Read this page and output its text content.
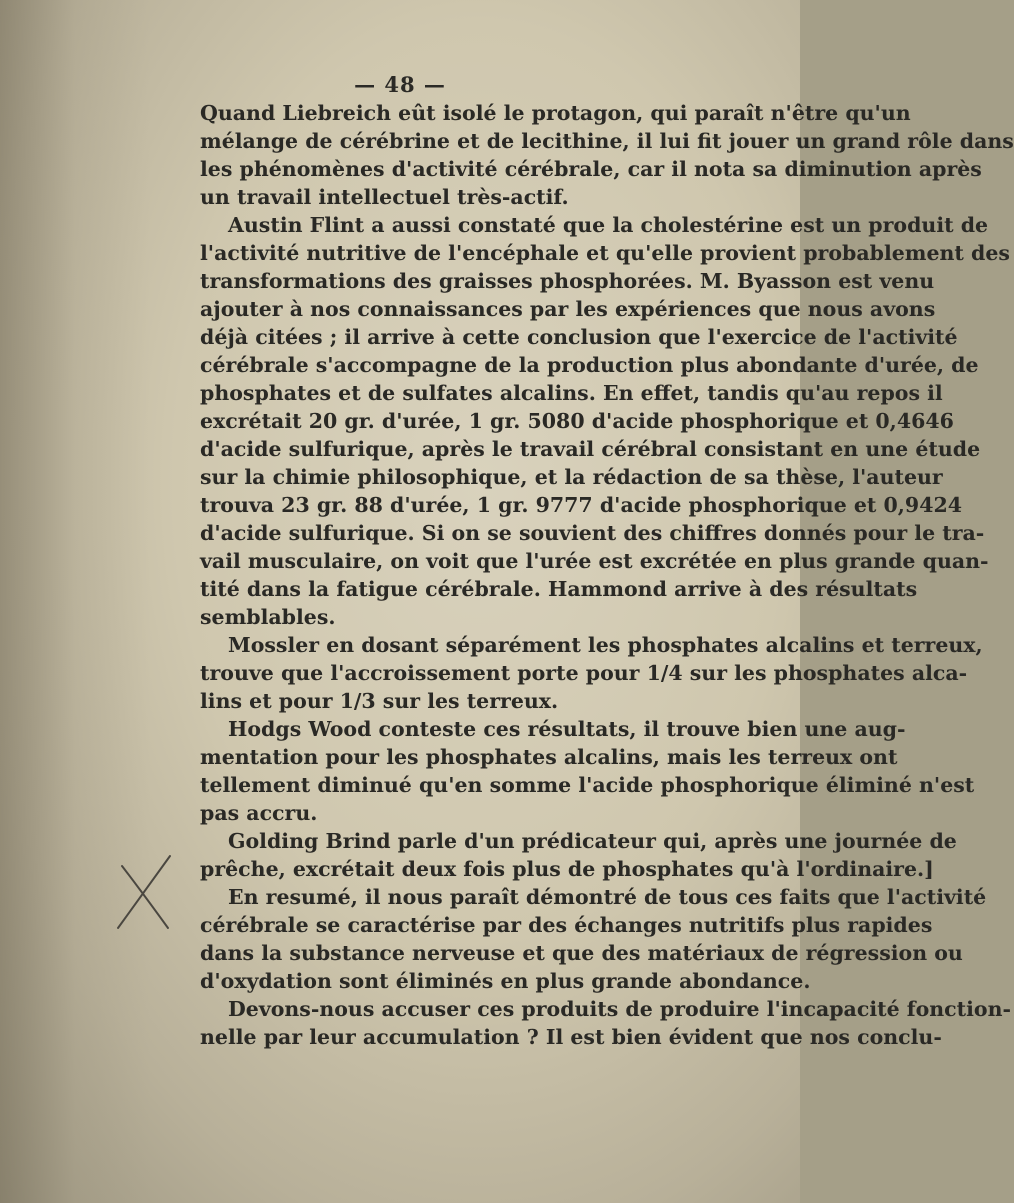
— 48 —
Quand Liebreich eût isolé le protagon, qui paraît n'être qu'un
mélange de cérébrine et de lecithine, il lui fit jouer un grand rôle dans
les phénomènes d'activité cérébrale, car il nota sa diminution après
un travail intellectuel très-actif.
Austin Flint a aussi constaté que la cholestérine est un produit de
l'activité nutritive de l'encéphale et qu'elle provient probablement des
transformations des graisses phosphorées. M. Byasson est venu
ajouter à nos connaissances par les expériences que nous avons
déjà citées ; il arrive à cette conclusion que l'exercice de l'activité
cérébrale s'accompagne de la production plus abondante d'urée, de
phosphates et de sulfates alcalins. En effet, tandis qu'au repos il
excrétait 20 gr. d'urée, 1 gr. 5080 d'acide phosphorique et 0,4646
d'acide sulfurique, après le travail cérébral consistant en une étude
sur la chimie philosophique, et la rédaction de sa thèse, l'auteur
trouva 23 gr. 88 d'urée, 1 gr. 9777 d'acide phosphorique et 0,9424
d'acide sulfurique. Si on se souvient des chiffres donnés pour le tra-
vail musculaire, on voit que l'urée est excrétée en plus grande quan-
tité dans la fatigue cérébrale. Hammond arrive à des résultats
semblables.
Mossler en dosant séparément les phosphates alcalins et terreux,
trouve que l'accroissement porte pour 1/4 sur les phosphates alca-
lins et pour 1/3 sur les terreux.
Hodgs Wood conteste ces résultats, il trouve bien une aug-
mentation pour les phosphates alcalins, mais les terreux ont
tellement diminué qu'en somme l'acide phosphorique éliminé n'est
pas accru.
Golding Brind parle d'un prédicateur qui, après une journée de
prêche, excrétait deux fois plus de phosphates qu'à l'ordinaire.]
En resumé, il nous paraît démontré de tous ces faits que l'activité
cérébrale se caractérise par des échanges nutritifs plus rapides
dans la substance nerveuse et que des matériaux de régression ou
d'oxydation sont éliminés en plus grande abondance.
Devons-nous accuser ces produits de produire l'incapacité fonction-
nelle par leur accumulation ? Il est bien évident que nos conclu-
